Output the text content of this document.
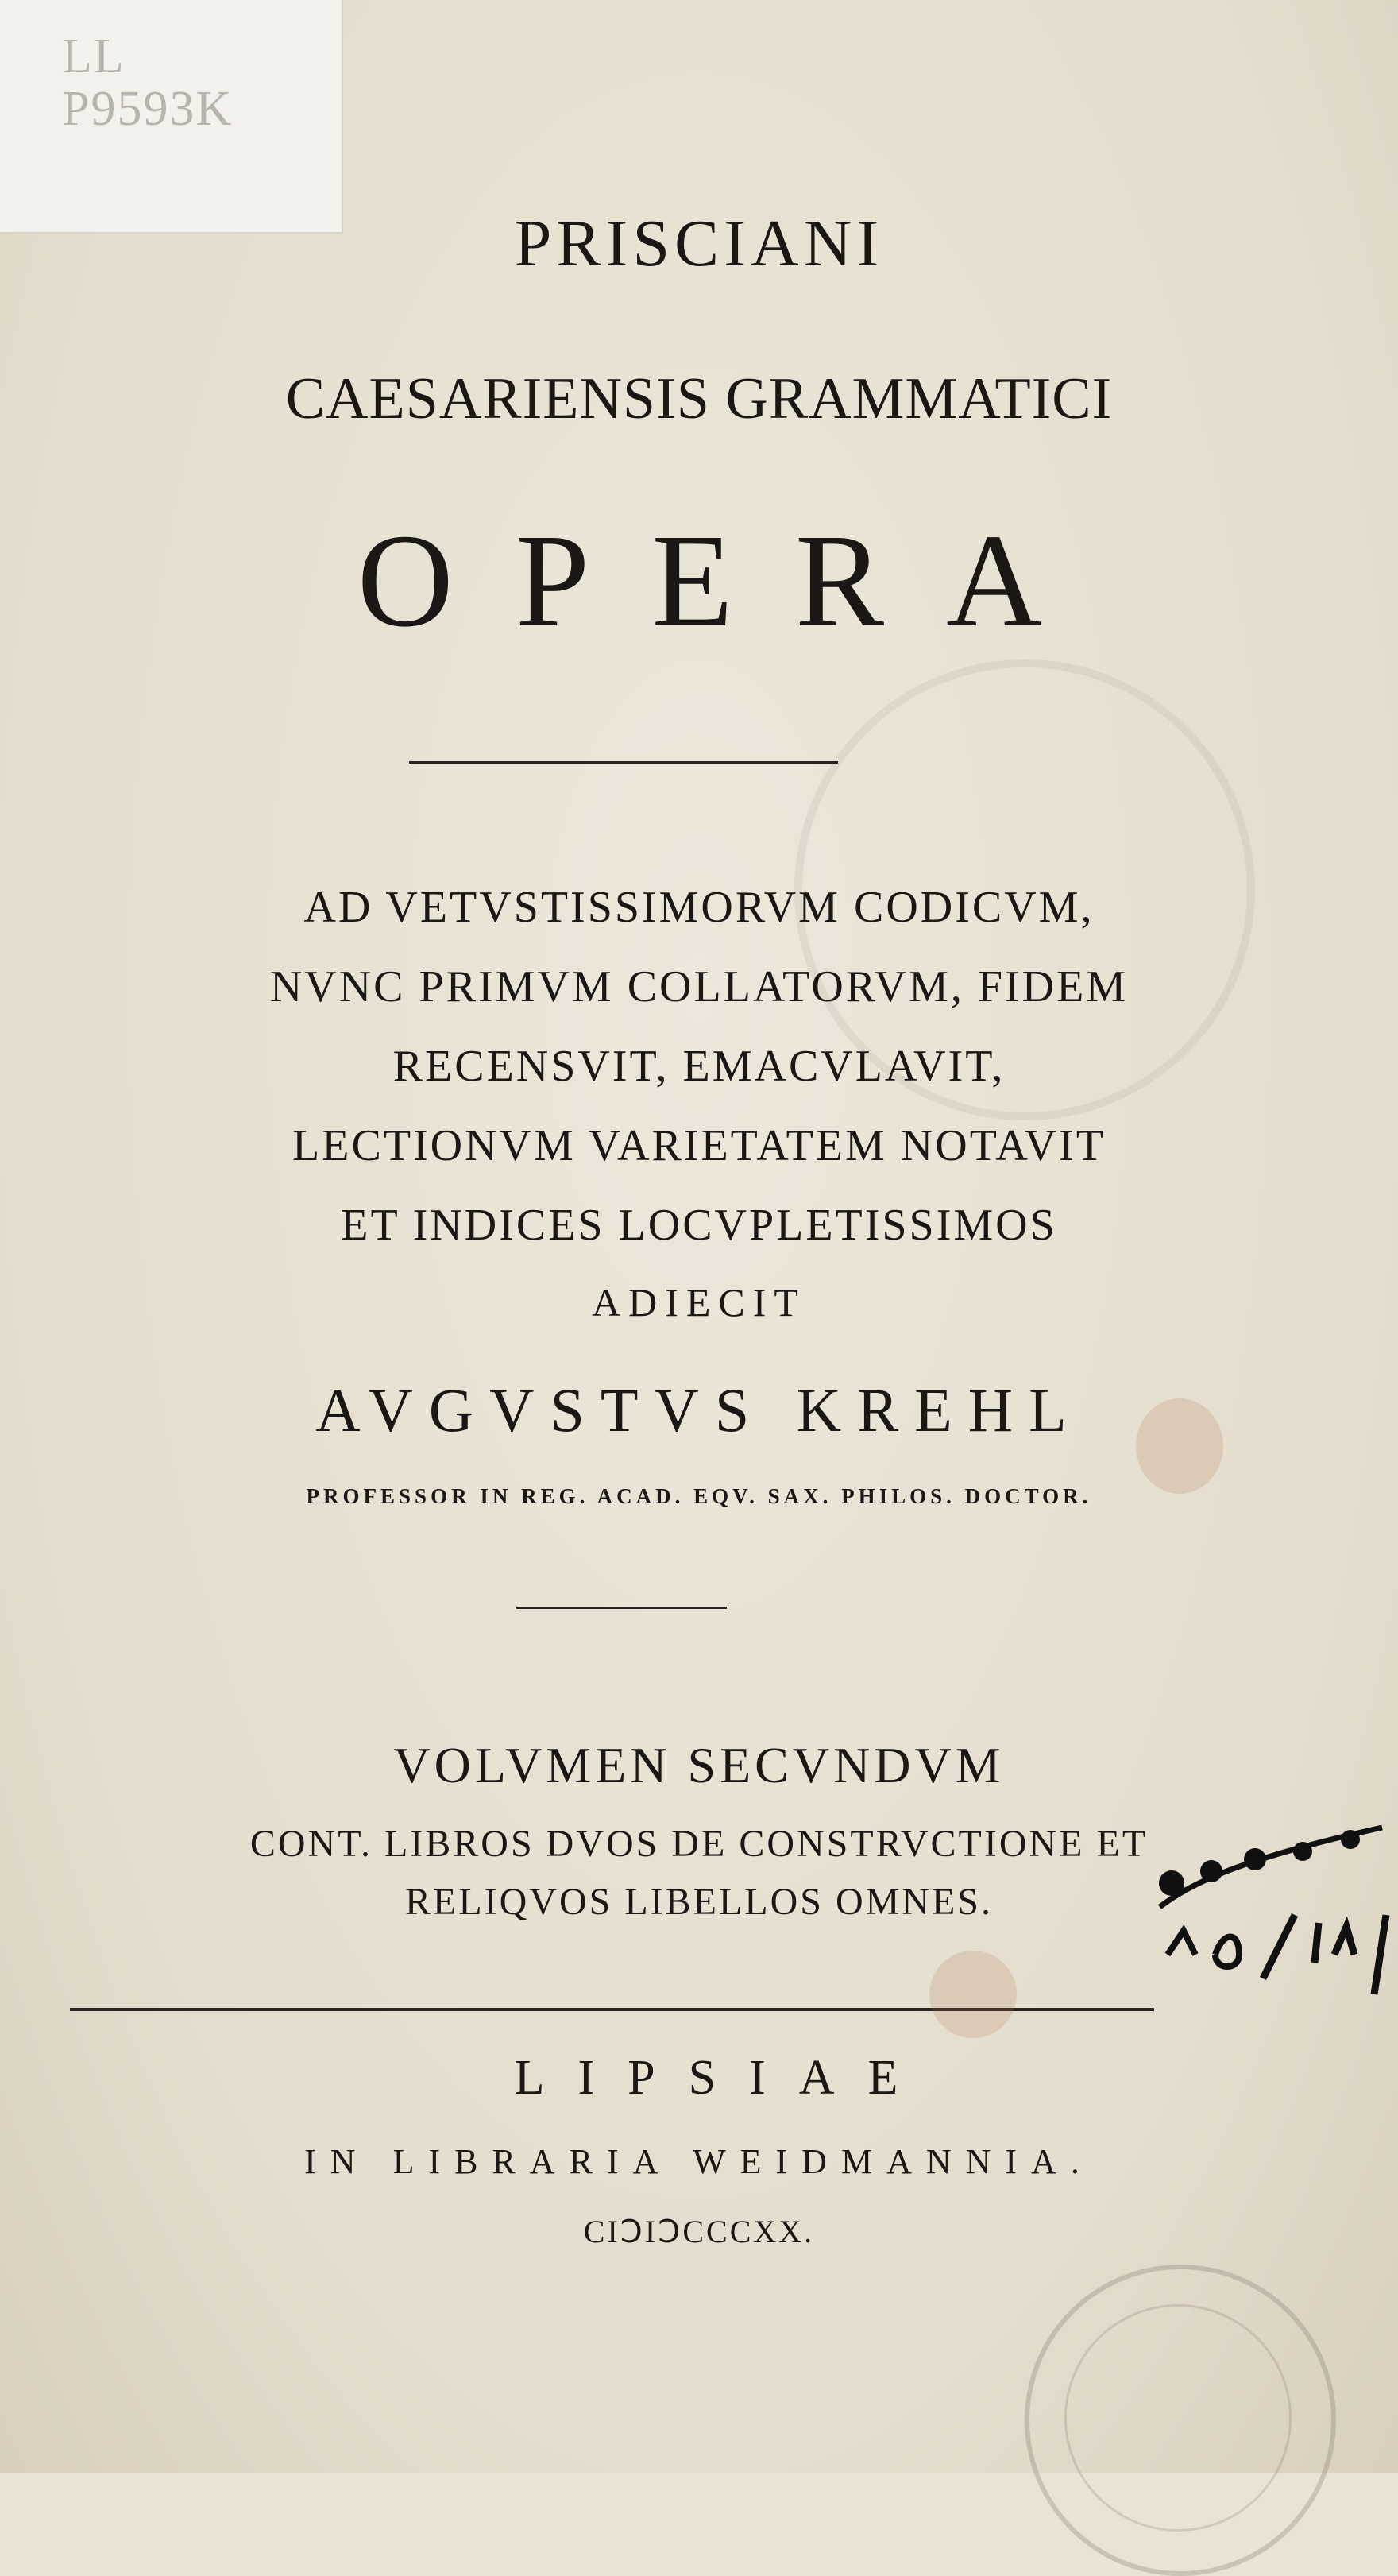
LL
P9593K
PRISCIANI
CAESARIENSIS GRAMMATICI
OPERA
AD VETVSTISSIMORVM CODICVM,
NVNC PRIMVM COLLATORVM, FIDEM
RECENSVIT, EMACVLAVIT,
LECTIONVM VARIETATEM NOTAVIT
ET INDICES LOCVPLETISSIMOS
ADIECIT
AVGVSTVS KREHL
PROFESSOR IN REG. ACAD. EQV. SAX. PHILOS. DOCTOR.
VOLVMEN SECVNDVM
CONT. LIBROS DVOS DE CONSTRVCTIONE ET
RELIQVOS LIBELLOS OMNES.
LIPSIAE
IN LIBRARIA WEIDMANNIA.
CIↃIↃCCCXX.
